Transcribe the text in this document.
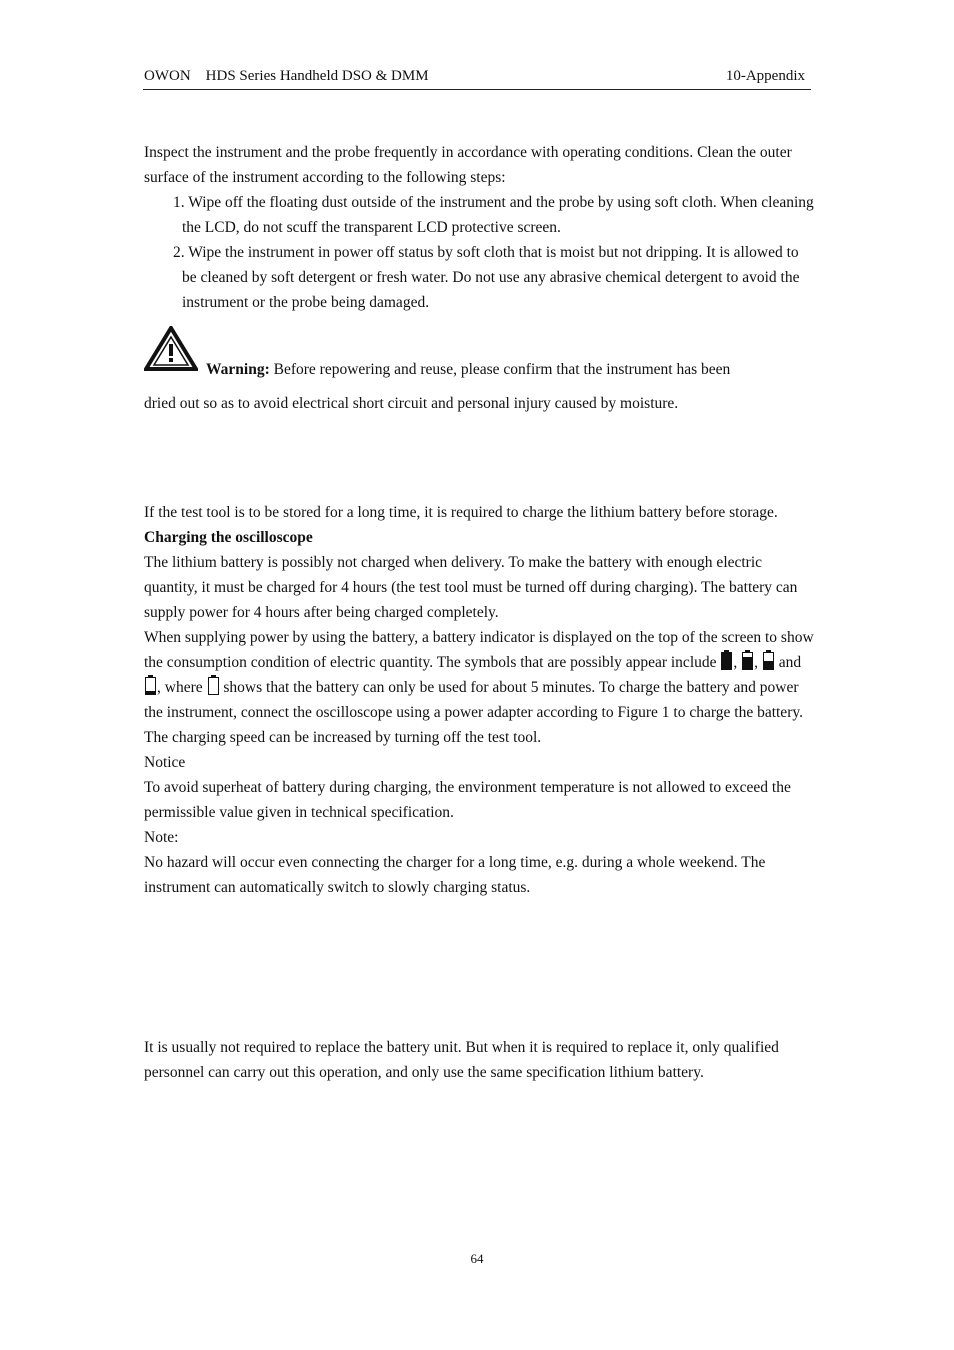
OWON    HDS Series Handheld DSO & DMM	10-Appendix

Inspect the instrument and the probe frequently in accordance with operating conditions. Clean the outer surface of the instrument according to the following steps:

1. Wipe off the floating dust outside of the instrument and the probe by using soft cloth. When cleaning the LCD, do not scuff the transparent LCD protective screen.

2. Wipe the instrument in power off status by soft cloth that is moist but not dripping. It is allowed to be cleaned by soft detergent or fresh water. Do not use any abrasive chemical detergent to avoid the instrument or the probe being damaged.

Warning: Before repowering and reuse, please confirm that the instrument has been
dried out so as to avoid electrical short circuit and personal injury caused by moisture.

If the test tool is to be stored for a long time, it is required to charge the lithium battery before storage.

Charging the oscilloscope

The lithium battery is possibly not charged when delivery. To make the battery with enough electric quantity, it must be charged for 4 hours (the test tool must be turned off during charging). The battery can supply power for 4 hours after being charged completely.

When supplying power by using the battery, a battery indicator is displayed on the top of the screen to show the consumption condition of electric quantity. The symbols that are possibly appear include , ,  and , where  shows that the battery can only be used for about 5 minutes. To charge the battery and power the instrument, connect the oscilloscope using a power adapter according to Figure 1 to charge the battery. The charging speed can be increased by turning off the test tool.

Notice

To avoid superheat of battery during charging, the environment temperature is not allowed to exceed the permissible value given in technical specification.

Note:

No hazard will occur even connecting the charger for a long time, e.g. during a whole weekend. The instrument can automatically switch to slowly charging status.

It is usually not required to replace the battery unit. But when it is required to replace it, only qualified personnel can carry out this operation, and only use the same specification lithium battery.

64
